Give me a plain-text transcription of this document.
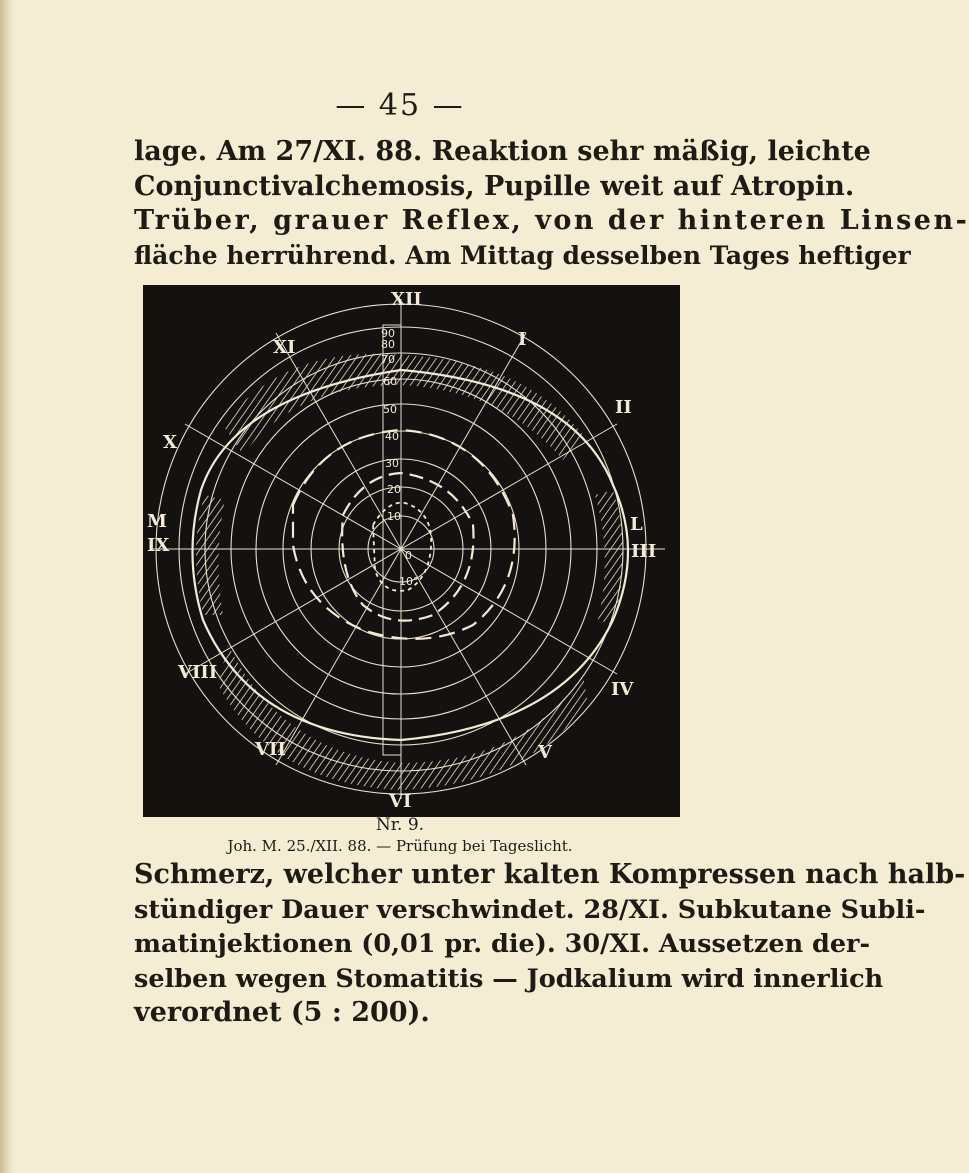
— 45 —
lage. Am 27/XI. 88. Reaktion sehr mäßig, leichte
Conjunctivalchemosis, Pupille weit auf Atropin.
Trüber, grauer Reflex, von der hinteren Linsen-
fläche herrührend. Am Mittag desselben Tages heftiger
XII
I
II
III
L
IV
V
VI
VII
VIII
IX
M
X
XI
90
80
70
60
50
40
30
20
10
10°
0
Nr. 9.
Joh. M. 25./XII. 88. — Prüfung bei Tageslicht.
Schmerz, welcher unter kalten Kompressen nach halb-
stündiger Dauer verschwindet. 28/XI. Subkutane Subli-
matinjektionen (0,01 pr. die). 30/XI. Aussetzen der-
selben wegen Stomatitis — Jodkalium wird innerlich
verordnet (5 : 200).
